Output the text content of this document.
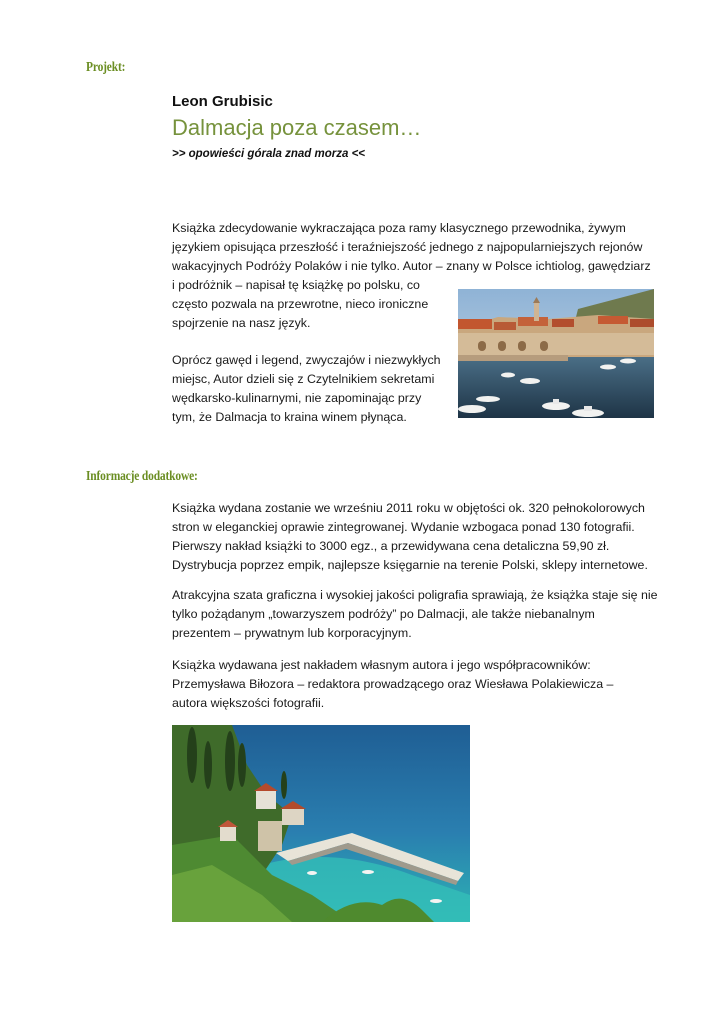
Projekt:
Leon Grubisic
Dalmacja poza czasem…
>> opowieści górala znad morza <<

Książka zdecydowanie wykraczająca poza ramy klasycznego przewodnika, żywym

językiem opisująca przeszłość i teraźniejszość jednego z najpopularniejszych rejonów

wakacyjnych Podróży Polaków i nie tylko. Autor – znany w Polsce ichtiolog, gawędziarz

i podróżnik – napisał tę książkę po polsku, co

często pozwala na przewrotne, nieco ironiczne

spojrzenie na nasz język.

Oprócz gawęd i legend, zwyczajów i niezwykłych

miejsc, Autor dzieli się z Czytelnikiem sekretami

wędkarsko-kulinarnymi, nie zapominając przy

tym, że Dalmacja to kraina winem płynąca.

Informacje dodatkowe:

Książka wydana zostanie we wrześniu 2011 roku w objętości ok. 320 pełnokolorowych

stron w eleganckiej oprawie zintegrowanej. Wydanie wzbogaca ponad 130 fotografii.

Pierwszy nakład książki to 3000 egz., a przewidywana cena detaliczna 59,90 zł.

Dystrybucja poprzez empik, najlepsze księgarnie na terenie Polski, sklepy internetowe.

Atrakcyjna szata graficzna i wysokiej jakości poligrafia sprawiają, że książka staje się nie

tylko pożądanym „towarzyszem podróży” po Dalmacji, ale także niebanalnym

prezentem – prywatnym lub korporacyjnym.

Książka wydawana jest nakładem własnym autora i jego współpracowników:

Przemysława Biłozora – redaktora prowadzącego oraz Wiesława Polakiewicza –

autora większości fotografii.
